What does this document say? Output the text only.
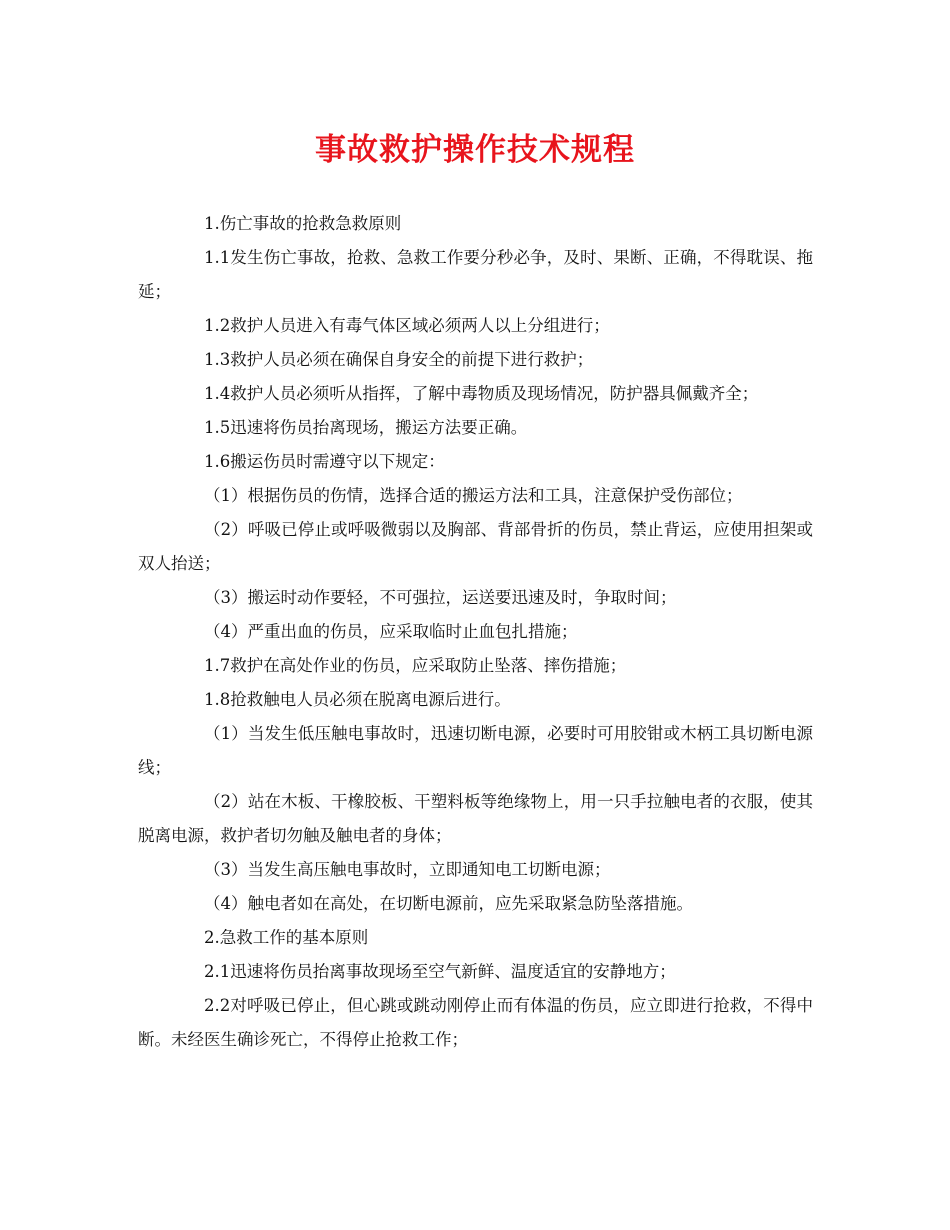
事故救护操作技术规程

1.伤亡事故的抢救急救原则

1.1发生伤亡事故，抢救、急救工作要分秒必争，及时、果断、正确，不得耽误、拖延；

1.2救护人员进入有毒气体区域必须两人以上分组进行；

1.3救护人员必须在确保自身安全的前提下进行救护；

1.4救护人员必须听从指挥，了解中毒物质及现场情况，防护器具佩戴齐全；

1.5迅速将伤员抬离现场，搬运方法要正确。

1.6搬运伤员时需遵守以下规定：

（1）根据伤员的伤情，选择合适的搬运方法和工具，注意保护受伤部位；

（2）呼吸已停止或呼吸微弱以及胸部、背部骨折的伤员，禁止背运，应使用担架或双人抬送；

（3）搬运时动作要轻，不可强拉，运送要迅速及时，争取时间；

（4）严重出血的伤员，应采取临时止血包扎措施；

1.7救护在高处作业的伤员，应采取防止坠落、摔伤措施；

1.8抢救触电人员必须在脱离电源后进行。

（1）当发生低压触电事故时，迅速切断电源，必要时可用胶钳或木柄工具切断电源线；

（2）站在木板、干橡胶板、干塑料板等绝缘物上，用一只手拉触电者的衣服，使其脱离电源，救护者切勿触及触电者的身体；

（3）当发生高压触电事故时，立即通知电工切断电源；

（4）触电者如在高处，在切断电源前，应先采取紧急防坠落措施。

2.急救工作的基本原则

2.1迅速将伤员抬离事故现场至空气新鲜、温度适宜的安静地方；

2.2对呼吸已停止，但心跳或跳动刚停止而有体温的伤员，应立即进行抢救，不得中断。未经医生确诊死亡，不得停止抢救工作；
